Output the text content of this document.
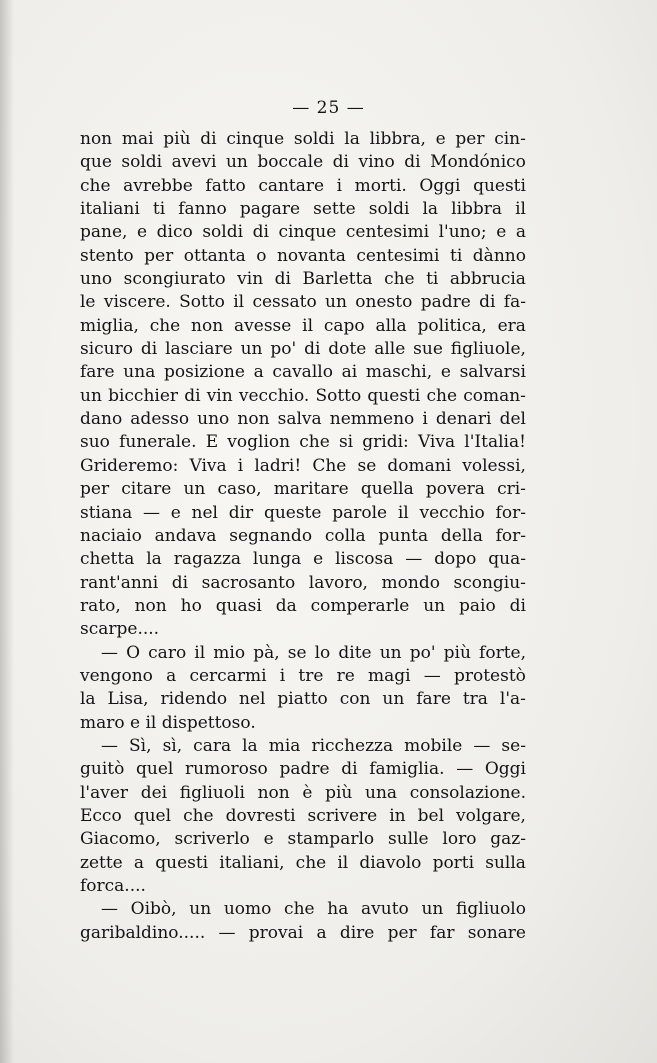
— 25 —
non mai più di cinque soldi la libbra, e per cin-
que soldi avevi un boccale di vino di Mondónico
che avrebbe fatto cantare i morti. Oggi questi
italiani ti fanno pagare sette soldi la libbra il
pane, e dico soldi di cinque centesimi l'uno; e a
stento per ottanta o novanta centesimi ti dànno
uno scongiurato vin di Barletta che ti abbrucia
le viscere. Sotto il cessato un onesto padre di fa-
miglia, che non avesse il capo alla politica, era
sicuro di lasciare un po' di dote alle sue figliuole,
fare una posizione a cavallo ai maschi, e salvarsi
un bicchier di vin vecchio. Sotto questi che coman-
dano adesso uno non salva nemmeno i denari del
suo funerale. E voglion che si gridi: Viva l'Italia!
Grideremo: Viva i ladri! Che se domani volessi,
per citare un caso, maritare quella povera cri-
stiana — e nel dir queste parole il vecchio for-
naciaio andava segnando colla punta della for-
chetta la ragazza lunga e liscosa — dopo qua-
rant'anni di sacrosanto lavoro, mondo scongiu-
rato, non ho quasi da comperarle un paio di
scarpe....
— O caro il mio pà, se lo dite un po' più forte,
vengono a cercarmi i tre re magi — protestò
la Lisa, ridendo nel piatto con un fare tra l'a-
maro e il dispettoso.
— Sì, sì, cara la mia ricchezza mobile — se-
guitò quel rumoroso padre di famiglia. — Oggi
l'aver dei figliuoli non è più una consolazione.
Ecco quel che dovresti scrivere in bel volgare,
Giacomo, scriverlo e stamparlo sulle loro gaz-
zette a questi italiani, che il diavolo porti sulla
forca....
— Oibò, un uomo che ha avuto un figliuolo
garibaldino..... — provai a dire per far sonare
